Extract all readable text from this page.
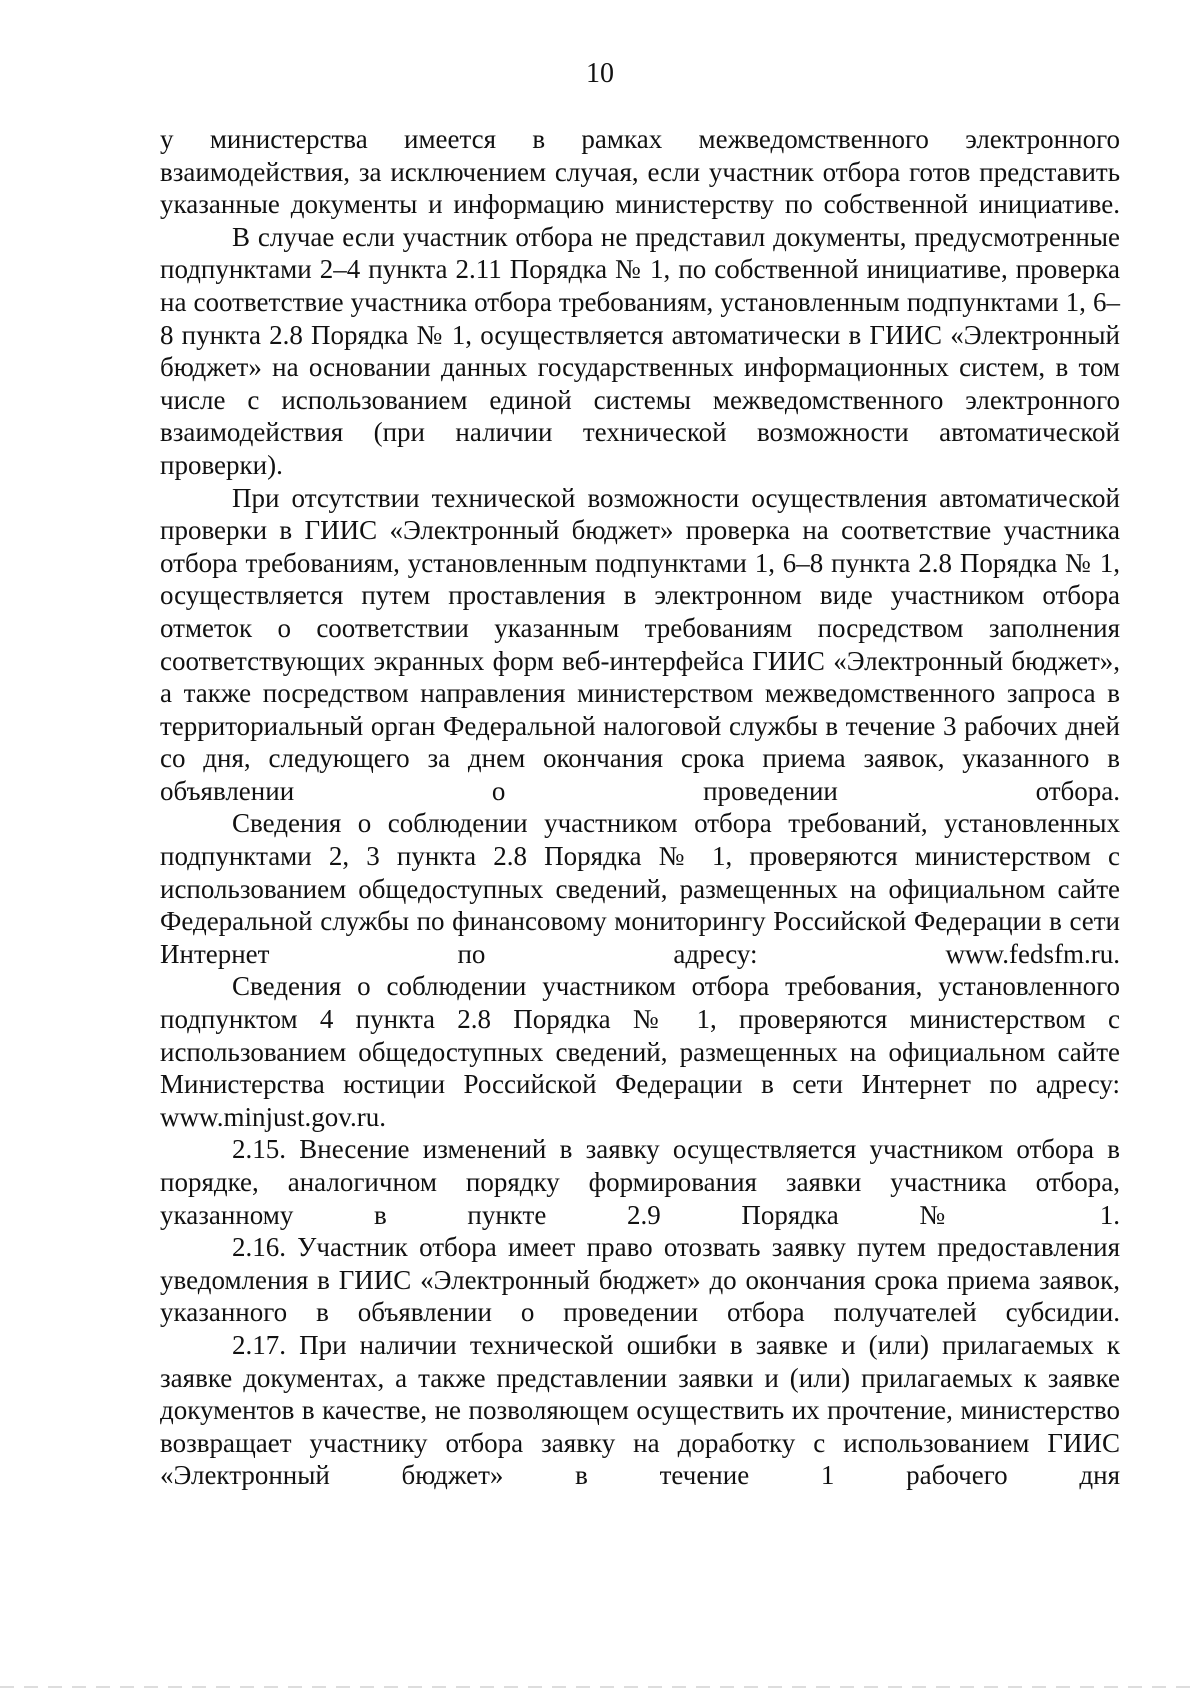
10

у министерства имеется в рамках межведомственного электронного взаимодействия, за исключением случая, если участник отбора готов представить указанные документы и информацию министерству по собственной инициативе.

В случае если участник отбора не представил документы, предусмотренные подпунктами 2–4 пункта 2.11 Порядка № 1, по собственной инициативе, проверка на соответствие участника отбора требованиям, установленным подпунктами 1, 6–8 пункта 2.8 Порядка № 1, осуществляется автоматически в ГИИС «Электронный бюджет» на основании данных государственных информационных систем, в том числе с использованием единой системы межведомственного электронного взаимодействия (при наличии технической возможности автоматической проверки).

При отсутствии технической возможности осуществления автоматической проверки в ГИИС «Электронный бюджет» проверка на соответствие участника отбора требованиям, установленным подпунктами 1, 6–8 пункта 2.8 Порядка № 1, осуществляется путем проставления в электронном виде участником отбора отметок о соответствии указанным требованиям посредством заполнения соответствующих экранных форм веб-интерфейса ГИИС «Электронный бюджет», а также посредством направления министерством межведомственного запроса в территориальный орган Федеральной налоговой службы в течение 3 рабочих дней со дня, следующего за днем окончания срока приема заявок, указанного в объявлении о проведении отбора.

Сведения о соблюдении участником отбора требований, установленных подпунктами 2, 3 пункта 2.8 Порядка № 1, проверяются министерством с использованием общедоступных сведений, размещенных на официальном сайте Федеральной службы по финансовому мониторингу Российской Федерации в сети Интернет по адресу: www.fedsfm.ru.

Сведения о соблюдении участником отбора требования, установленного подпунктом 4 пункта 2.8 Порядка № 1, проверяются министерством с использованием общедоступных сведений, размещенных на официальном сайте Министерства юстиции Российской Федерации в сети Интернет по адресу: www.minjust.gov.ru.

2.15. Внесение изменений в заявку осуществляется участником отбора в порядке, аналогичном порядку формирования заявки участника отбора, указанному в пункте 2.9 Порядка № 1.

2.16. Участник отбора имеет право отозвать заявку путем предоставления уведомления в ГИИС «Электронный бюджет» до окончания срока приема заявок, указанного в объявлении о проведении отбора получателей субсидии.

2.17. При наличии технической ошибки в заявке и (или) прилагаемых к заявке документах, а также представлении заявки и (или) прилагаемых к заявке документов в качестве, не позволяющем осуществить их прочтение, министерство возвращает участнику отбора заявку на доработку с использованием ГИИС «Электронный бюджет» в течение 1 рабочего дня
